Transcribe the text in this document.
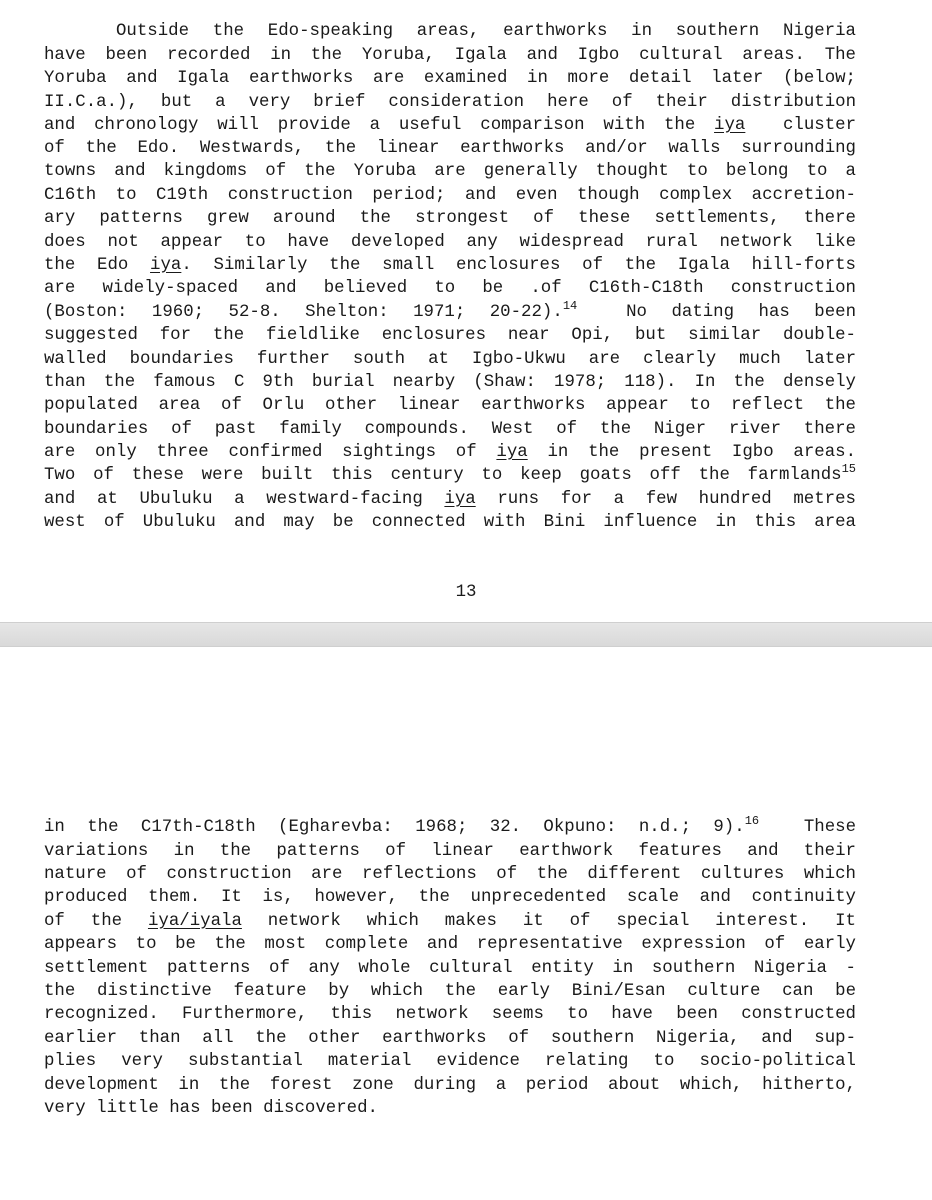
Outside the Edo-speaking areas, earthworks in southern Nigeria
have been recorded in the Yoruba, Igala and Igbo cultural areas. The
Yoruba and Igala earthworks are examined in more detail later (below;
II.C.a.), but a very brief consideration here of their distribution
and chronology will provide a useful comparison with the iya cluster
of the Edo. Westwards, the linear earthworks and/or walls surrounding
towns and kingdoms of the Yoruba are generally thought to belong to a
C16th to C19th construction period; and even though complex accretion-
ary patterns grew around the strongest of these settlements, there
does not appear to have developed any widespread rural network like
the Edo iya. Similarly the small enclosures of the Igala hill-forts
are widely-spaced and believed to be .of C16th-C18th construction
(Boston: 1960; 52-8. Shelton: 1971; 20-22).$^{14}$	No dating has been
suggested for the fieldlike enclosures near Opi, but similar double-
walled boundaries further south at Igbo-Ukwu are clearly much later
than the famous C 9th burial nearby (Shaw: 1978; 118). In the densely
populated area of Orlu other linear earthworks appear to reflect the
boundaries of past family compounds. West of the Niger river there
are only three confirmed sightings of iya in the present Igbo areas.
Two of these were built this century to keep goats off the farmlands$^{15}$
and at Ubuluku a westward-facing iya runs for a few hundred metres
west of Ubuluku and may be connected with Bini influence in this area
13
in the C17th-C18th (Egharevba: 1968; 32. Okpuno: n.d.; 9).$^{16}$	These
variations in the patterns of linear earthwork features and their
nature of construction are reflections of the different cultures which
produced them. It is, however, the unprecedented scale and continuity
of the iya/iyala network which makes it of special interest. It
appears to be the most complete and representative expression of early
settlement patterns of any whole cultural entity in southern Nigeria -
the distinctive feature by which the early Bini/Esan culture can be
recognized. Furthermore, this network seems to have been constructed
earlier than all the other earthworks of southern Nigeria, and sup-
plies very substantial material evidence relating to socio-political
development in the forest zone during a period about which, hitherto,
very little has been discovered.
